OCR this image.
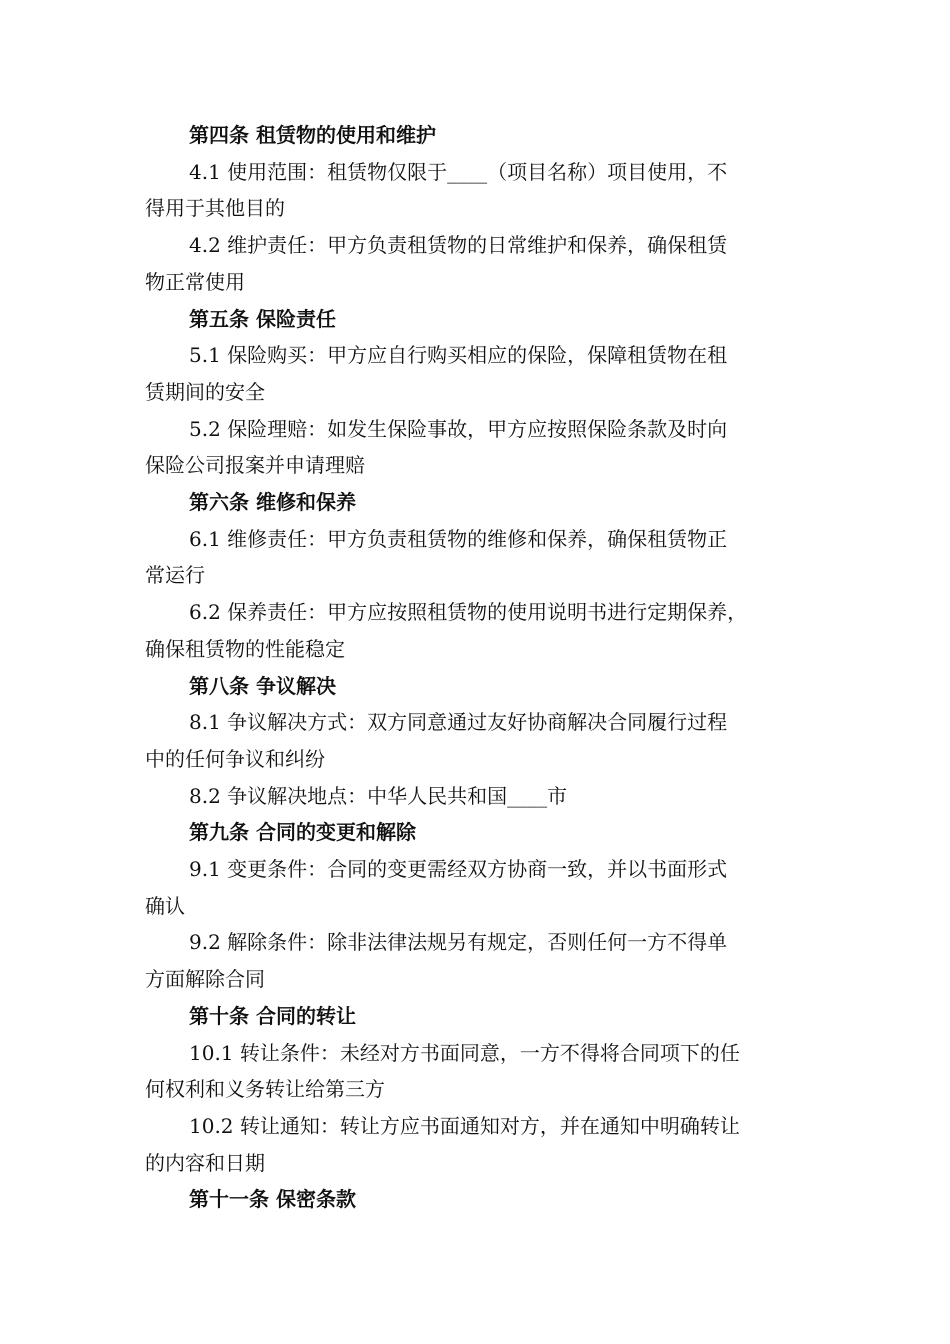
第四条 租赁物的使用和维护
4.1 使用范围：租赁物仅限于____（项目名称）项目使用，不
得用于其他目的
4.2 维护责任：甲方负责租赁物的日常维护和保养，确保租赁
物正常使用
第五条 保险责任
5.1 保险购买：甲方应自行购买相应的保险，保障租赁物在租
赁期间的安全
5.2 保险理赔：如发生保险事故，甲方应按照保险条款及时向
保险公司报案并申请理赔
第六条 维修和保养
6.1 维修责任：甲方负责租赁物的维修和保养，确保租赁物正
常运行
6.2 保养责任：甲方应按照租赁物的使用说明书进行定期保养，
确保租赁物的性能稳定
第八条 争议解决
8.1 争议解决方式：双方同意通过友好协商解决合同履行过程
中的任何争议和纠纷
8.2 争议解决地点：中华人民共和国____市
第九条 合同的变更和解除
9.1 变更条件：合同的变更需经双方协商一致，并以书面形式
确认
9.2 解除条件：除非法律法规另有规定，否则任何一方不得单
方面解除合同
第十条 合同的转让
10.1 转让条件：未经对方书面同意，一方不得将合同项下的任
何权利和义务转让给第三方
10.2 转让通知：转让方应书面通知对方，并在通知中明确转让
的内容和日期
第十一条 保密条款
